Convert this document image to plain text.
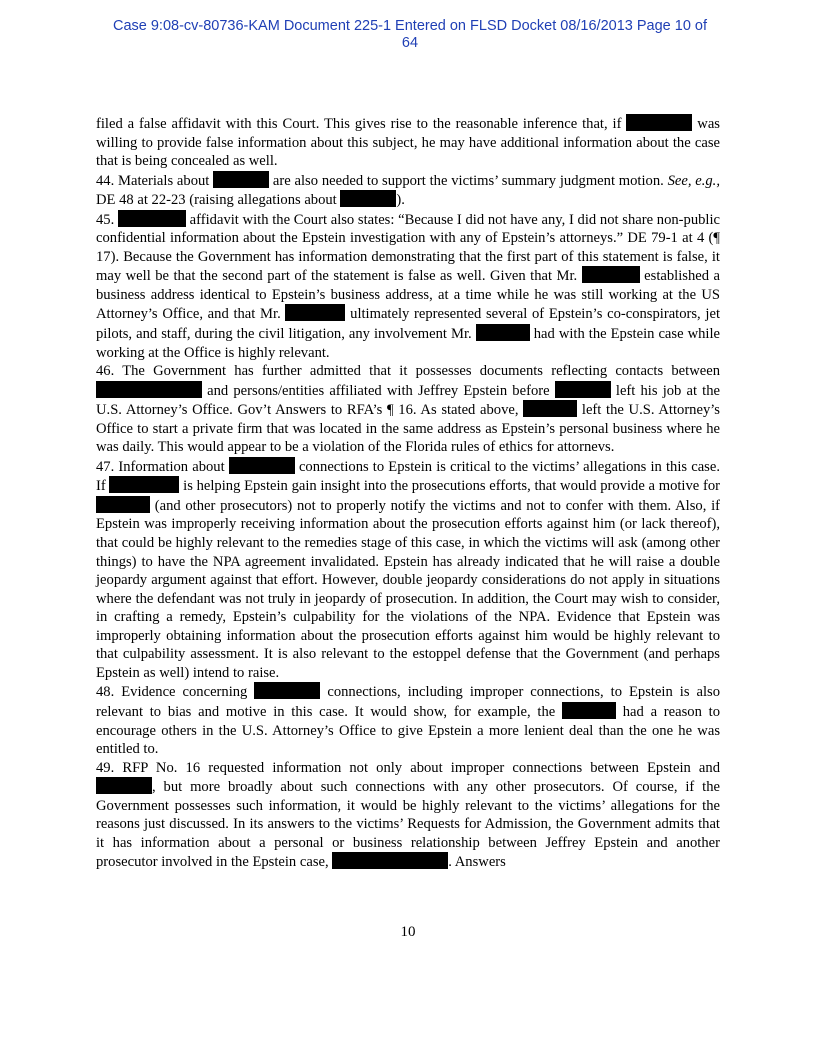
Case 9:08-cv-80736-KAM Document 225-1 Entered on FLSD Docket 08/16/2013 Page 10 of
64

filed a false affidavit with this Court. This gives rise to the reasonable inference that, if	was willing to provide false information about this subject, he may have additional information about the case that is being concealed as well.

44. Materials about	are also needed to support the victims’ summary judgment motion. See, e.g., DE 48 at 22-23 (raising allegations about	).

45.	affidavit with the Court also states: “Because I did not have any, I did not share non-public confidential information about the Epstein investigation with any of Epstein’s attorneys.” DE 79-1 at 4 (¶ 17). Because the Government has information demonstrating that the first part of this statement is false, it may well be that the second part of the statement is false as well. Given that Mr.	established a business address identical to Epstein’s business address, at a time while he was still working at the US Attorney’s Office, and that Mr.	ultimately represented several of Epstein’s co-conspirators, jet pilots, and staff, during the civil litigation, any involvement Mr.	had with the Epstein case while working at the Office is highly relevant.

46. The Government has further admitted that it possesses documents reflecting contacts between  and persons/entities affiliated with Jeffrey Epstein before	left his job at the U.S. Attorney’s Office. Gov’t Answers to RFA’s ¶ 16. As stated above,	left the U.S. Attorney’s Office to start a private firm that was located in the same address as Epstein’s personal business where he was daily. This would appear to be a violation of the Florida rules of ethics for attornevs.

47. Information about	connections to Epstein is critical to the victims’ allegations in this case. If	is helping Epstein gain insight into the prosecutions efforts, that would provide a motive for  (and other prosecutors) not to properly notify the victims and not to confer with them. Also, if Epstein was improperly receiving information about the prosecution efforts against him (or lack thereof), that could be highly relevant to the remedies stage of this case, in which the victims will ask (among other things) to have the NPA agreement invalidated. Epstein has already indicated that he will raise a double jeopardy argument against that effort. However, double jeopardy considerations do not apply in situations where the defendant was not truly in jeopardy of prosecution. In addition, the Court may wish to consider, in crafting a remedy, Epstein’s culpability for the violations of the NPA. Evidence that Epstein was improperly obtaining information about the prosecution efforts against him would be highly relevant to that culpability assessment. It is also relevant to the estoppel defense that the Government (and perhaps Epstein as well) intend to raise.

48. Evidence concerning	connections, including improper connections, to Epstein is also relevant to bias and motive in this case. It would show, for example, the	had a reason to encourage others in the U.S. Attorney’s Office to give Epstein a more lenient deal than the one he was entitled to.

49. RFP No. 16 requested information not only about improper connections between Epstein and , but more broadly about such connections with any other prosecutors. Of course, if the Government possesses such information, it would be highly relevant to the victims’ allegations for the reasons just discussed. In its answers to the victims’ Requests for Admission, the Government admits that it has information about a personal or business relationship between Jeffrey Epstein and another prosecutor involved in the Epstein case,	. Answers

10
